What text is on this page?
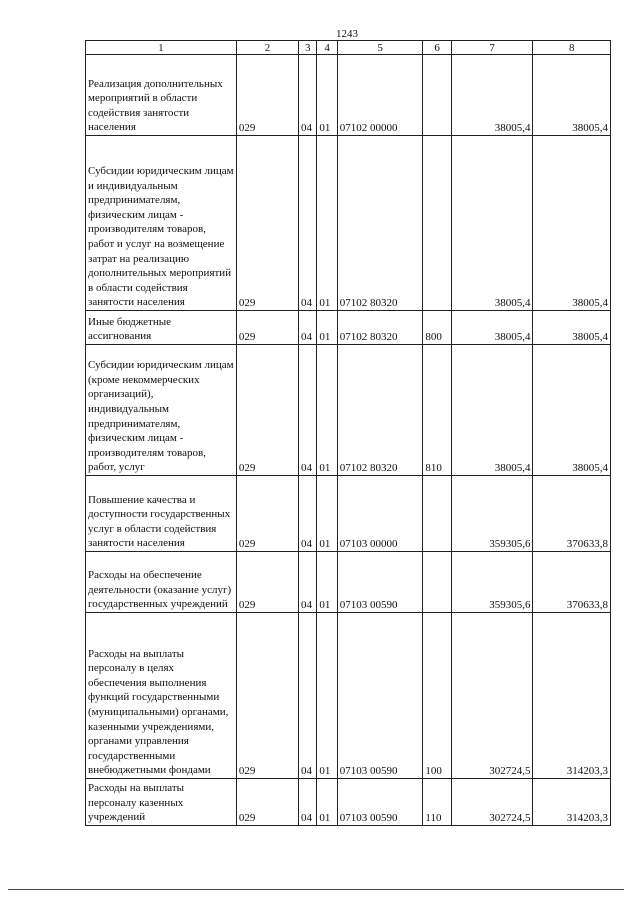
1243
1	2	3	4	5	6	7	8
Реализация дополнительных мероприятий в области содействия занятости населения	029	04	01	07102 00000		38005,4	38005,4
Субсидии юридическим лицам и индивидуальным предпринимателям, физическим лицам - производителям товаров, работ и услуг на возмещение затрат на реализацию дополнительных мероприятий в области содействия занятости населения	029	04	01	07102 80320		38005,4	38005,4
Иные бюджетные ассигнования	029	04	01	07102 80320	800	38005,4	38005,4
Субсидии юридическим лицам (кроме некоммерческих организаций), индивидуальным предпринимателям, физическим лицам - производителям товаров, работ, услуг	029	04	01	07102 80320	810	38005,4	38005,4
Повышение качества и доступности государственных услуг в области содействия занятости населения	029	04	01	07103 00000		359305,6	370633,8
Расходы на обеспечение деятельности (оказание услуг) государственных учреждений	029	04	01	07103 00590		359305,6	370633,8
Расходы на выплаты персоналу в целях обеспечения выполнения функций государственными (муниципальными) органами, казенными учреждениями, органами управления государственными внебюджетными фондами	029	04	01	07103 00590	100	302724,5	314203,3
Расходы на выплаты персоналу казенных учреждений	029	04	01	07103 00590	110	302724,5	314203,3
